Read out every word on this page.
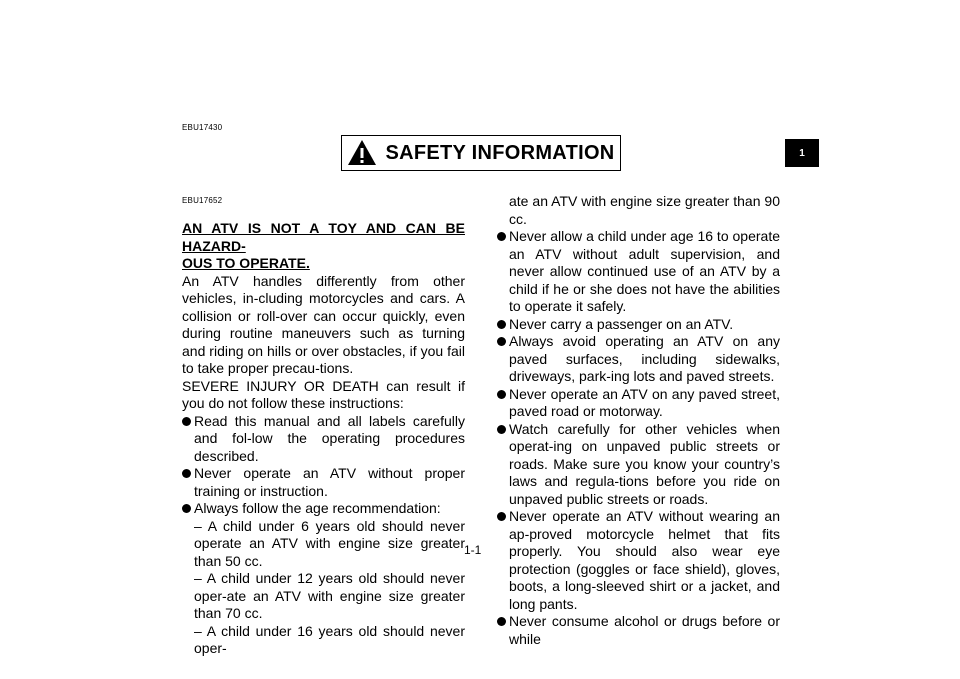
EBU17430
SAFETY INFORMATION	1
EBU17652

AN ATV IS NOT A TOY AND CAN BE HAZARD-

OUS TO OPERATE.

An ATV handles differently from other vehicles, in-cluding motorcycles and cars. A collision or roll-over can occur quickly, even during routine maneuvers such as turning and riding on hills or over obstacles, if you fail to take proper precau-tions.

SEVERE INJURY OR DEATH can result if you do not follow these instructions:

Read this manual and all labels carefully and fol-low the operating procedures described.
Never operate an ATV without proper training or instruction.
Always follow the age recommendation:

– A child under 6 years old should never operate an ATV with engine size greater than 50 cc.

– A child under 12 years old should never oper-ate an ATV with engine size greater than 70 cc.

– A child under 16 years old should never oper-

ate an ATV with engine size greater than 90 cc.

Never allow a child under age 16 to operate an ATV without adult supervision, and never allow continued use of an ATV by a child if he or she does not have the abilities to operate it safely.
Never carry a passenger on an ATV.
Always avoid operating an ATV on any paved surfaces, including sidewalks, driveways, park-ing lots and paved streets.
Never operate an ATV on any paved street, paved road or motorway.
Watch carefully for other vehicles when operat-ing on unpaved public streets or roads. Make sure you know your country’s laws and regula-tions before you ride on unpaved public streets or roads.
Never operate an ATV without wearing an ap-proved motorcycle helmet that fits properly. You should also wear eye protection (goggles or face shield), gloves, boots, a long-sleeved shirt or a jacket, and long pants.
Never consume alcohol or drugs before or while
1-1
